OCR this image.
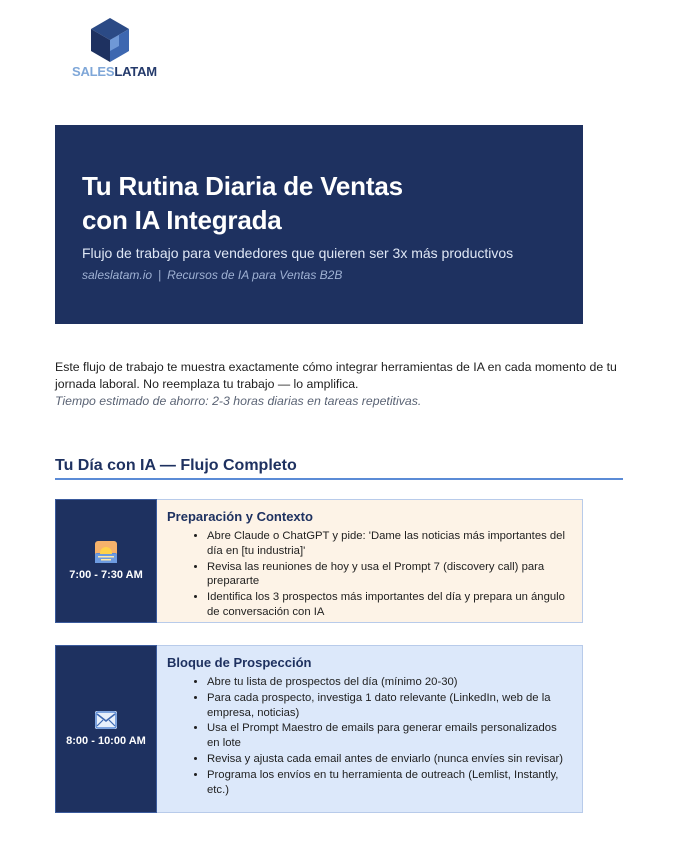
SALESLATAM
Tu Rutina Diaria de Ventas
con IA Integrada
Flujo de trabajo para vendedores que quieren ser 3x más productivos
saleslatam.io | Recursos de IA para Ventas B2B
Este flujo de trabajo te muestra exactamente cómo integrar herramientas de IA en cada momento de tu jornada laboral. No reemplaza tu trabajo — lo amplifica.
Tiempo estimado de ahorro: 2-3 horas diarias en tareas repetitivas.
Tu Día con IA — Flujo Completo
7:00 - 7:30 AM
Preparación y Contexto
• Abre Claude o ChatGPT y pide: 'Dame las noticias más importantes del día en [tu industria]'
• Revisa las reuniones de hoy y usa el Prompt 7 (discovery call) para prepararte
• Identifica los 3 prospectos más importantes del día y prepara un ángulo de conversación con IA
8:00 - 10:00 AM
Bloque de Prospección
• Abre tu lista de prospectos del día (mínimo 20-30)
• Para cada prospecto, investiga 1 dato relevante (LinkedIn, web de la empresa, noticias)
• Usa el Prompt Maestro de emails para generar emails personalizados en lote
• Revisa y ajusta cada email antes de enviarlo (nunca envíes sin revisar)
• Programa los envíos en tu herramienta de outreach (Lemlist, Instantly, etc.)
